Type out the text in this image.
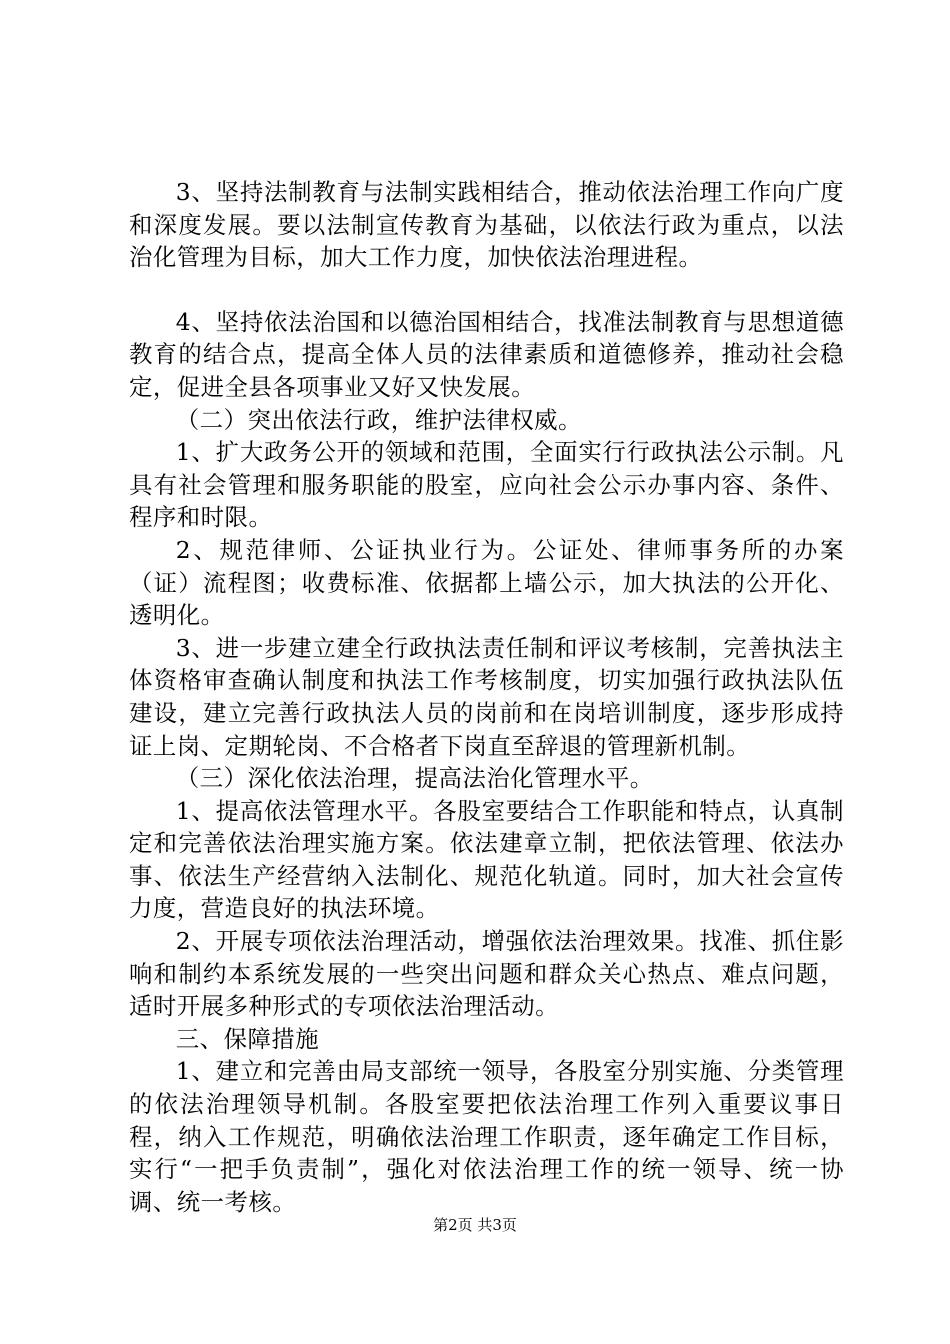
3、坚持法制教育与法制实践相结合，推动依法治理工作向广度和深度发展。要以法制宣传教育为基础，以依法行政为重点，以法治化管理为目标，加大工作力度，加快依法治理进程。

4、坚持依法治国和以德治国相结合，找准法制教育与思想道德教育的结合点，提高全体人员的法律素质和道德修养，推动社会稳定，促进全县各项事业又好又快发展。

（二）突出依法行政，维护法律权威。

1、扩大政务公开的领域和范围，全面实行行政执法公示制。凡具有社会管理和服务职能的股室，应向社会公示办事内容、条件、程序和时限。

2、规范律师、公证执业行为。公证处、律师事务所的办案（证）流程图；收费标准、依据都上墙公示，加大执法的公开化、透明化。

3、进一步建立建全行政执法责任制和评议考核制，完善执法主体资格审查确认制度和执法工作考核制度，切实加强行政执法队伍建设，建立完善行政执法人员的岗前和在岗培训制度，逐步形成持证上岗、定期轮岗、不合格者下岗直至辞退的管理新机制。

（三）深化依法治理，提高法治化管理水平。

1、提高依法管理水平。各股室要结合工作职能和特点，认真制定和完善依法治理实施方案。依法建章立制，把依法管理、依法办事、依法生产经营纳入法制化、规范化轨道。同时，加大社会宣传力度，营造良好的执法环境。

2、开展专项依法治理活动，增强依法治理效果。找准、抓住影响和制约本系统发展的一些突出问题和群众关心热点、难点问题，适时开展多种形式的专项依法治理活动。

三、保障措施

1、建立和完善由局支部统一领导，各股室分别实施、分类管理的依法治理领导机制。各股室要把依法治理工作列入重要议事日程，纳入工作规范，明确依法治理工作职责，逐年确定工作目标，实行“一把手负责制”，强化对依法治理工作的统一领导、统一协调、统一考核。

第2页 共3页
